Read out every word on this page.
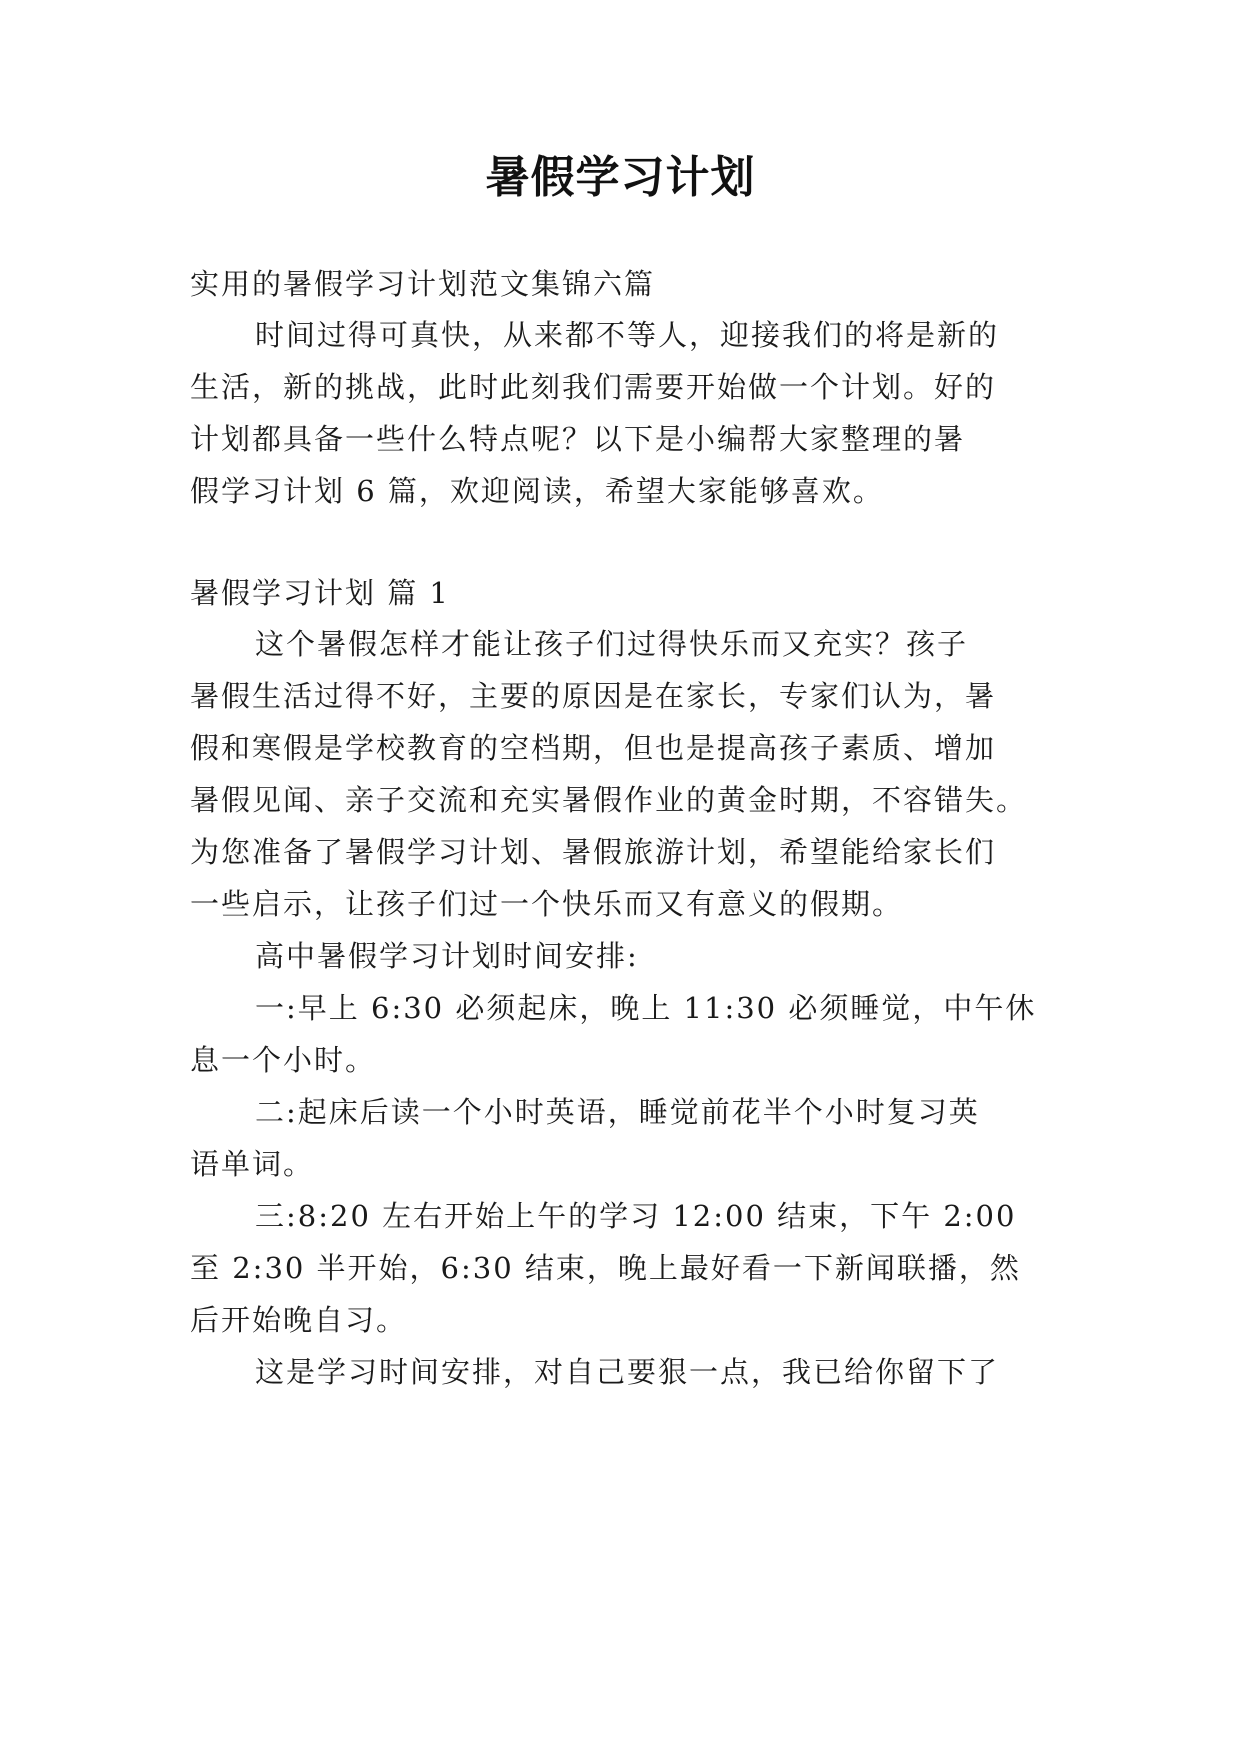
暑假学习计划
实用的暑假学习计划范文集锦六篇
时间过得可真快，从来都不等人，迎接我们的将是新的
生活，新的挑战，此时此刻我们需要开始做一个计划。好的
计划都具备一些什么特点呢？以下是小编帮大家整理的暑
假学习计划 6 篇，欢迎阅读，希望大家能够喜欢。
暑假学习计划 篇 1
这个暑假怎样才能让孩子们过得快乐而又充实？孩子
暑假生活过得不好，主要的原因是在家长，专家们认为，暑
假和寒假是学校教育的空档期，但也是提高孩子素质、增加
暑假见闻、亲子交流和充实暑假作业的黄金时期，不容错失。
为您准备了暑假学习计划、暑假旅游计划，希望能给家长们
一些启示，让孩子们过一个快乐而又有意义的假期。
高中暑假学习计划时间安排:
一:早上 6:30 必须起床，晚上 11:30 必须睡觉，中午休
息一个小时。
二:起床后读一个小时英语，睡觉前花半个小时复习英
语单词。
三:8:20 左右开始上午的学习 12:00 结束，下午 2:00
至 2:30 半开始，6:30 结束，晚上最好看一下新闻联播，然
后开始晚自习。
这是学习时间安排，对自己要狠一点，我已给你留下了
